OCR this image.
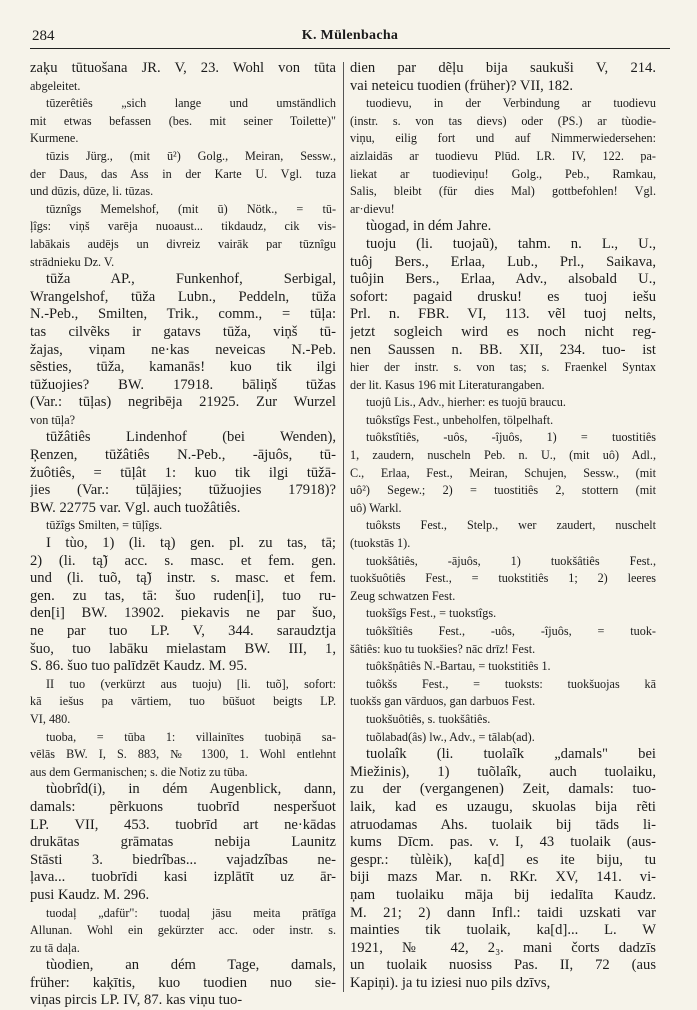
284	K. Mülenbacha
zaķu tūtuošana JR. V, 23. Wohl von tūta
abgeleitet.
tūzerêtiês „sich lange und umständlich
mit etwas befassen (bes. mit seiner Toilette)"
Kurmene.
tūzis Jürg., (mit ū²) Golg., Meiran, Sessw.,
der Daus, das Ass in der Karte U. Vgl. tuza
und dūzis, dūze, li. tūzas.
tūznîgs Memelshof, (mit ū) Nötk., = tū-
ļîgs: viņš varēja nuoaust... tikdaudz, cik vis-
labākais audējs un divreiz vairāk par tūznîgu
strādnieku Dz. V.
tūža AP., Funkenhof, Serbigal,
Wrangelshof, tūža Lubn., Peddeln, tūža
N.-Peb., Smilten, Trik., comm., = tūļa:
tas cilvẽks ir gatavs tūža, viņš tū-
žajas, viņam ne·kas neveicas N.-Peb.
sẽsties, tūža, kamanās! kuo tik ilgi
tūžuojies? BW. 17918. bāliņš tūžas
(Var.: tūļas) negribēja 21925. Zur Wurzel
von tūļa?
tūžâtiês Lindenhof (bei Wenden),
Ŗenzen, tūžâtiês N.-Peb., -ājuôs, tū-
žuôtiês, = tūļât 1: kuo tik ilgi tūžā-
jies (Var.: tūļājies; tūžuojies 17918)?
BW. 22775 var. Vgl. auch tuožâtiês.
tūžîgs Smilten, = tūļîgs.
I tùo, 1) (li. tą) gen. pl. zu tas, tā;
2) (li. tą̃) acc. s. masc. et fem. gen.
und (li. tuõ, tą̃) instr. s. masc. et fem.
gen. zu tas, tā: šuo ruden[i], tuo ru-
den[i] BW. 13902. piekavis ne par šuo,
ne par tuo LP. V, 344. saraudztja
šuo, tuo labāku mielastam BW. III, 1,
S. 86. šuo tuo palīdzēt Kaudz. M. 95.
II tuo (verkürzt aus tuoju) [li. tuõ], sofort:
kā iešus pa vārtiem, tuo būšuot beigts LP.
VI, 480.
tuoba, = tūba 1: villainītes tuobiņā sa-
vēlās BW. I, S. 883, № 1300, 1. Wohl entlehnt
aus dem Germanischen; s. die Notiz zu tūba.
tùobrîd(i), in dém Augenblick, dann,
damals: pẽrkuons tuobrīd nesperšuot
LP. VII, 453. tuobrīd art ne·kādas
drukātas grāmatas nebija Launitz
Stāsti 3. biedrîbas... vajadzîbas ne-
ļava... tuobrīdi kasi izplātīt uz ār-
pusi Kaudz. M. 296.
tuodaļ „dafür": tuodaļ jāsu meita prātīga
Allunan. Wohl ein gekürzter acc. oder instr. s.
zu tā daļa.
tùodien, an dém Tage, damals,
früher: kaķītis, kuo tuodien nuo sie-
viņas pircis LP. IV, 87. kas viņu tuo-
dien par dẽļu bija saukuši V, 214.
vai neteicu tuodien (früher)? VII, 182.
tuodievu, in der Verbindung ar tuodievu
(instr. s. von tas dievs) oder (PS.) ar tùodie-
viņu, eilig fort und auf Nimmerwiedersehen:
aizlaidās ar tuodievu Plūd. LR. IV, 122. pa-
liekat ar tuodieviņu! Golg., Peb., Ramkau,
Salis, bleibt (für dies Mal) gottbefohlen! Vgl.
ar·dievu!
tùogad, in dém Jahre.
tuoju (li. tuojaũ), tahm. n. L., U.,
tuôj Bers., Erlaa, Lub., Prl., Saikava,
tuôjin Bers., Erlaa, Adv., alsobald U.,
sofort: pagaid drusku! es tuoj iešu
Prl. n. FBR. VI, 113. vẽl tuoj nelts,
jetzt sogleich wird es noch nicht reg-
nen Saussen n. BB. XII, 234. tuo- ist
hier der instr. s. von tas; s. Fraenkel Syntax
der lit. Kasus 196 mit Literaturangaben.
tuojû Lis., Adv., hierher: es tuojū braucu.
tuôkstîgs Fest., unbeholfen, tölpelhaft.
tuôkstîtiês, -uôs, -îjuôs, 1) = tuostitiês
1, zaudern, nuscheln Peb. n. U., (mit uô) Adl.,
C., Erlaa, Fest., Meiran, Schujen, Sessw., (mit
uô²) Segew.; 2) = tuostitiês 2, stottern (mit
uô) Warkl.
tuôksts Fest., Stelp., wer zaudert, nuschelt
(tuokstās 1).
tuokšâtiês, -ājuôs, 1) tuokšâtiês Fest.,
tuokšuôtiês Fest., = tuokstitiês 1; 2) leeres
Zeug schwatzen Fest.
tuokšîgs Fest., = tuokstîgs.
tuôkšîtiês Fest., -uôs, -îjuôs, = tuok-
šâtiês: kuo tu tuokšies? nāc drīz! Fest.
tuôkšņâtiês N.-Bartau, = tuokstitiês 1.
tuôkšs Fest., = tuoksts: tuokšuojas kā
tuokšs gan vārduos, gan darbuos Fest.
tuokšuôtiês, s. tuokšâtiês.
tuõlabad(âs) lw., Adv., = tālab(ad).
tuolaîk (li. tuolaĩk „damals" bei
Miežinis), 1) tuõlaîk, auch tuolaiku,
zu der (vergangenen) Zeit, damals: tuo-
laik, kad es uzaugu, skuolas bija rẽti
atruodamas Ahs. tuolaik bij tāds li-
kums Dīcm. pas. v. I, 43 tuolaik (aus-
gespr.: tùlèik), ka[d] es ite biju, tu
biji mazs Mar. n. RKr. XV, 141. vi-
ņam tuolaiku māja bij iedalīta Kaudz.
M. 21; 2) dann Infl.: taidi uzskati var
mainties tik tuolaik, ka[d]... L. W
1921, № 42, 2₃. mani čorts dadzīs
un tuolaik nuosiss Pas. II, 72 (aus
Kapiņi). ja tu iziesi nuo pils dzīvs,
